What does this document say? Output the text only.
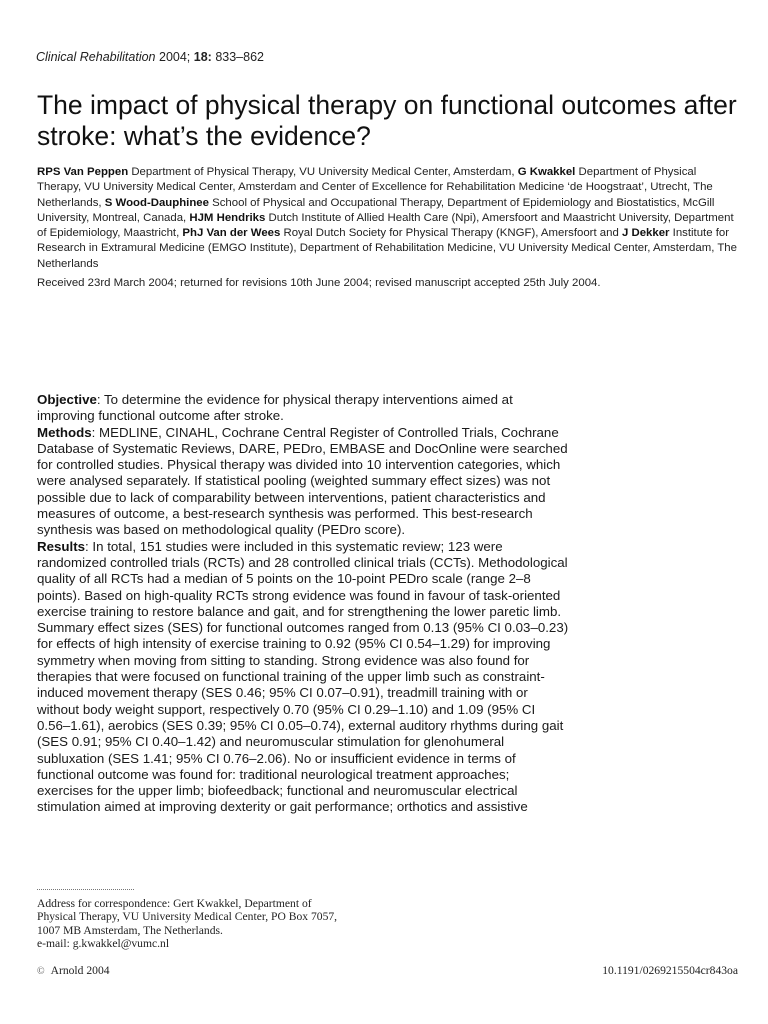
Clinical Rehabilitation 2004; 18: 833–862
The impact of physical therapy on functional outcomes after stroke: what’s the evidence?

RPS Van Peppen Department of Physical Therapy, VU University Medical Center, Amsterdam, G Kwakkel Department of Physical Therapy, VU University Medical Center, Amsterdam and Center of Excellence for Rehabilitation Medicine ‘de Hoogstraat’, Utrecht, The Netherlands, S Wood-Dauphinee School of Physical and Occupational Therapy, Department of Epidemiology and Biostatistics, McGill University, Montreal, Canada, HJM Hendriks Dutch Institute of Allied Health Care (Npi), Amersfoort and Maastricht University, Department of Epidemiology, Maastricht, PhJ Van der Wees Royal Dutch Society for Physical Therapy (KNGF), Amersfoort and J Dekker Institute for Research in Extramural Medicine (EMGO Institute), Department of Rehabilitation Medicine, VU University Medical Center, Amsterdam, The Netherlands

Received 23rd March 2004; returned for revisions 10th June 2004; revised manuscript accepted 25th July 2004.

Objective: To determine the evidence for physical therapy interventions aimed at improving functional outcome after stroke.

Methods: MEDLINE, CINAHL, Cochrane Central Register of Controlled Trials, Cochrane Database of Systematic Reviews, DARE, PEDro, EMBASE and DocOnline were searched for controlled studies. Physical therapy was divided into 10 intervention categories, which were analysed separately. If statistical pooling (weighted summary effect sizes) was not possible due to lack of comparability between interventions, patient characteristics and measures of outcome, a best-research synthesis was performed. This best-research synthesis was based on methodological quality (PEDro score).

Results: In total, 151 studies were included in this systematic review; 123 were randomized controlled trials (RCTs) and 28 controlled clinical trials (CCTs). Methodological quality of all RCTs had a median of 5 points on the 10-point PEDro scale (range 2–8 points). Based on high-quality RCTs strong evidence was found in favour of task-oriented exercise training to restore balance and gait, and for strengthening the lower paretic limb. Summary effect sizes (SES) for functional outcomes ranged from 0.13 (95% CI 0.03–0.23) for effects of high intensity of exercise training to 0.92 (95% CI 0.54–1.29) for improving symmetry when moving from sitting to standing. Strong evidence was also found for therapies that were focused on functional training of the upper limb such as constraint-induced movement therapy (SES 0.46; 95% CI 0.07–0.91), treadmill training with or without body weight support, respectively 0.70 (95% CI 0.29–1.10) and 1.09 (95% CI 0.56–1.61), aerobics (SES 0.39; 95% CI 0.05–0.74), external auditory rhythms during gait (SES 0.91; 95% CI 0.40–1.42) and neuromuscular stimulation for glenohumeral subluxation (SES 1.41; 95% CI 0.76–2.06). No or insufficient evidence in terms of functional outcome was found for: traditional neurological treatment approaches; exercises for the upper limb; biofeedback; functional and neuromuscular electrical stimulation aimed at improving dexterity or gait performance; orthotics and assistive

Address for correspondence: Gert Kwakkel, Department of
Physical Therapy, VU University Medical Center, PO Box 7057,
1007 MB Amsterdam, The Netherlands.
e-mail: g.kwakkel@vumc.nl
© Arnold 2004	10.1191/0269215504cr843oa
